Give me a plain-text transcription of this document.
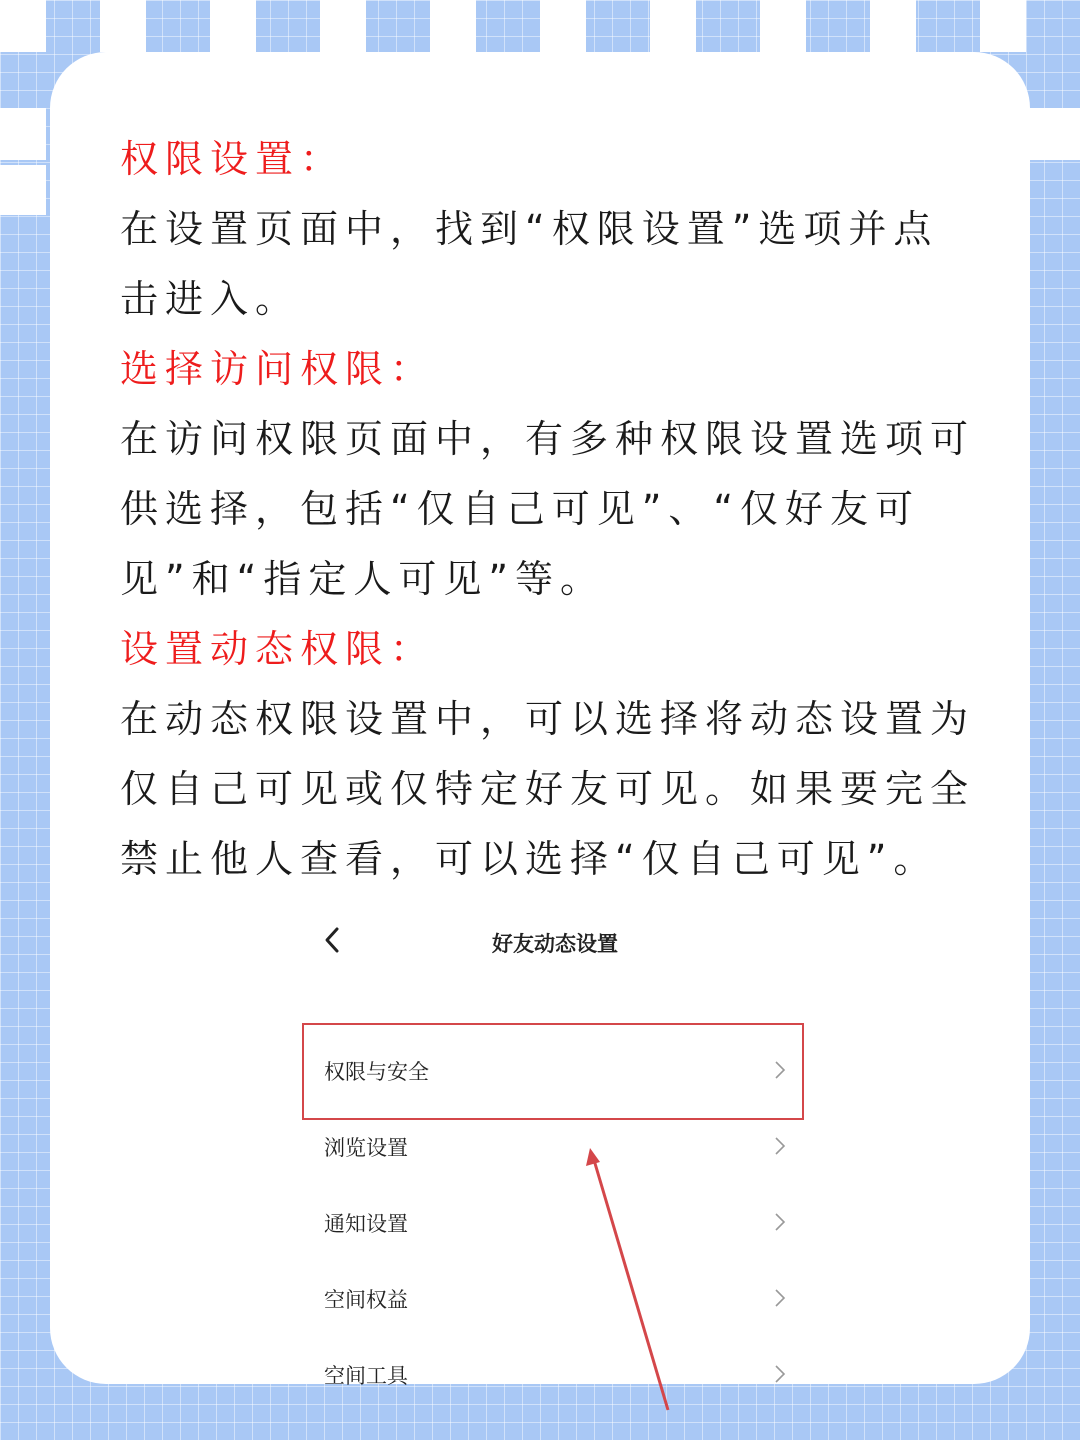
权限设置：

在设置页面中，找到“权限设置”选项并点

击进入。

选择访问权限：

在访问权限页面中，有多种权限设置选项可

供选择，包括“仅自己可见”、“仅好友可

见”和“指定人可见”等。

设置动态权限：

在动态权限设置中，可以选择将动态设置为

仅自己可见或仅特定好友可见。如果要完全

禁止他人查看，可以选择“仅自己可见”。

好友动态设置
权限与安全
浏览设置
通知设置
空间权益
空间工具
